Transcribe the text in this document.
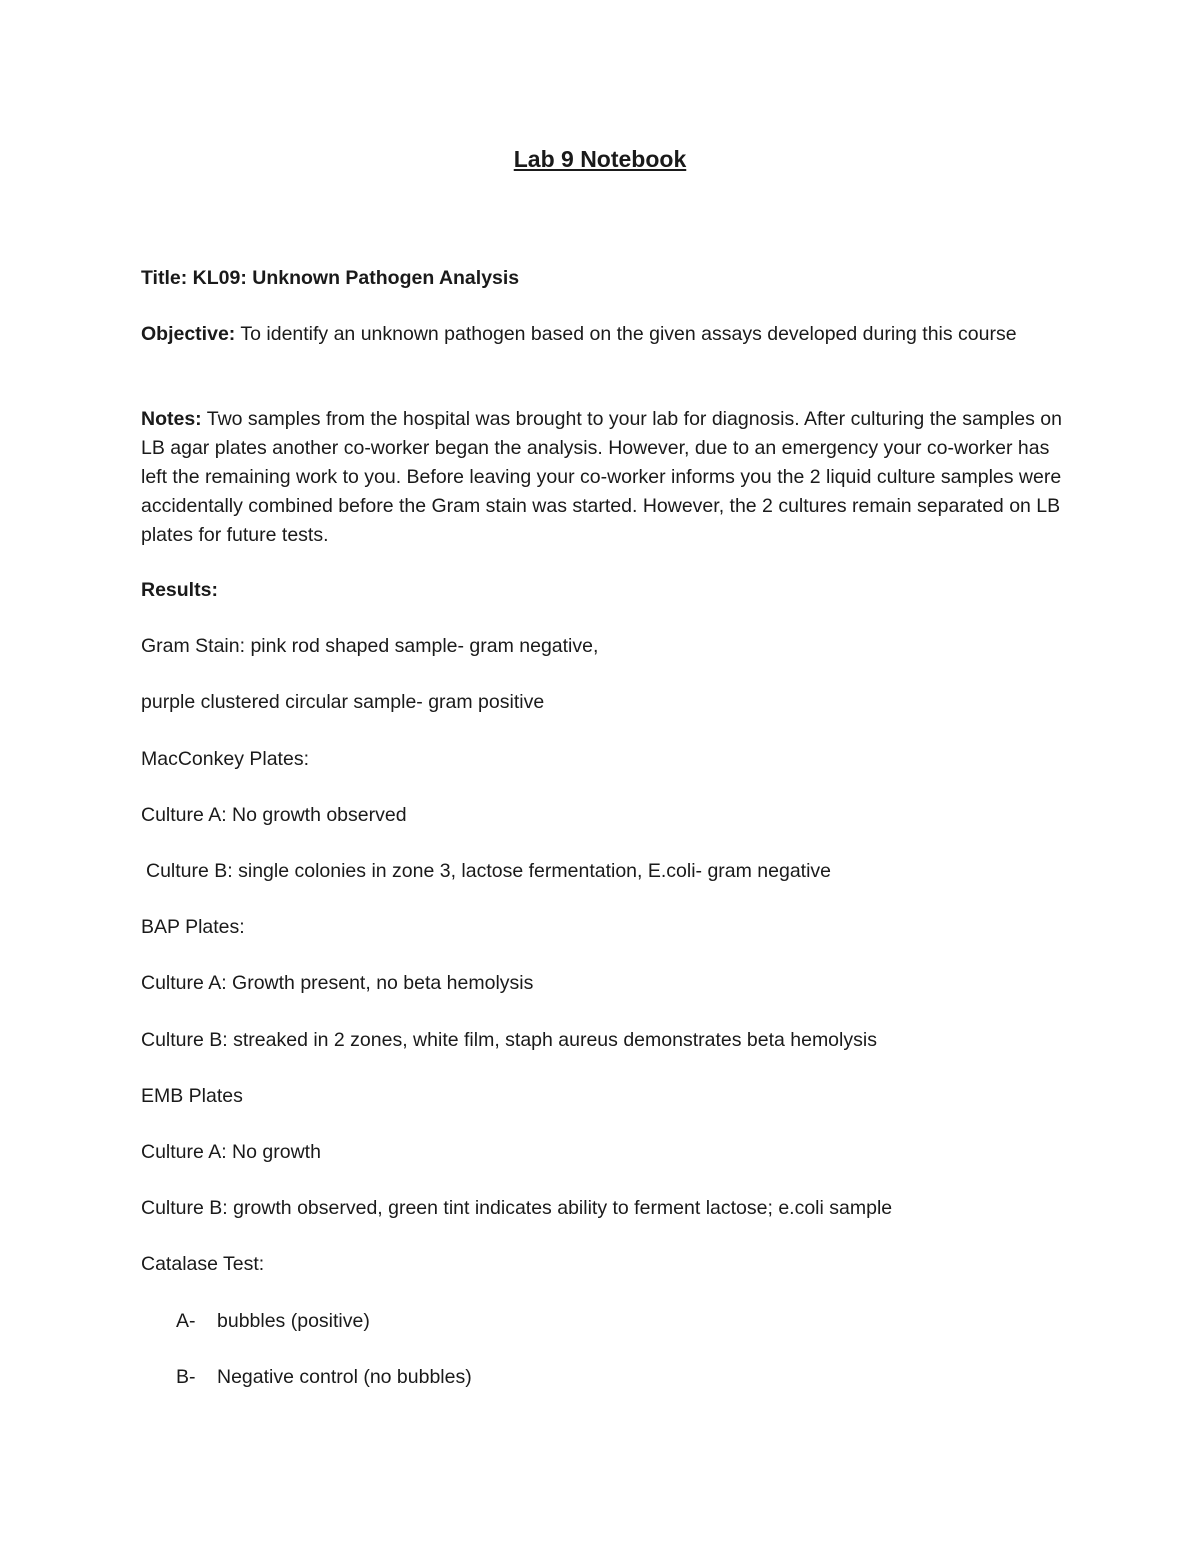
Lab 9 Notebook
Title: KL09: Unknown Pathogen Analysis
Objective: To identify an unknown pathogen based on the given assays developed during this course
Notes: Two samples from the hospital was brought to your lab for diagnosis. After culturing the samples on LB agar plates another co-worker began the analysis. However, due to an emergency your co-worker has left the remaining work to you. Before leaving your co-worker informs you the 2 liquid culture samples were accidentally combined before the Gram stain was started. However, the 2 cultures remain separated on LB plates for future tests.
Results:
Gram Stain: pink rod shaped sample- gram negative,
purple clustered circular sample- gram positive
MacConkey Plates:
Culture A: No growth observed
Culture B: single colonies in zone 3, lactose fermentation, E.coli- gram negative
BAP Plates:
Culture A: Growth present, no beta hemolysis
Culture B: streaked in 2 zones, white film, staph aureus demonstrates beta hemolysis
EMB Plates
Culture A: No growth
Culture B: growth observed, green tint indicates ability to ferment lactose; e.coli sample
Catalase Test:
A- bubbles (positive)
B- Negative control (no bubbles)
